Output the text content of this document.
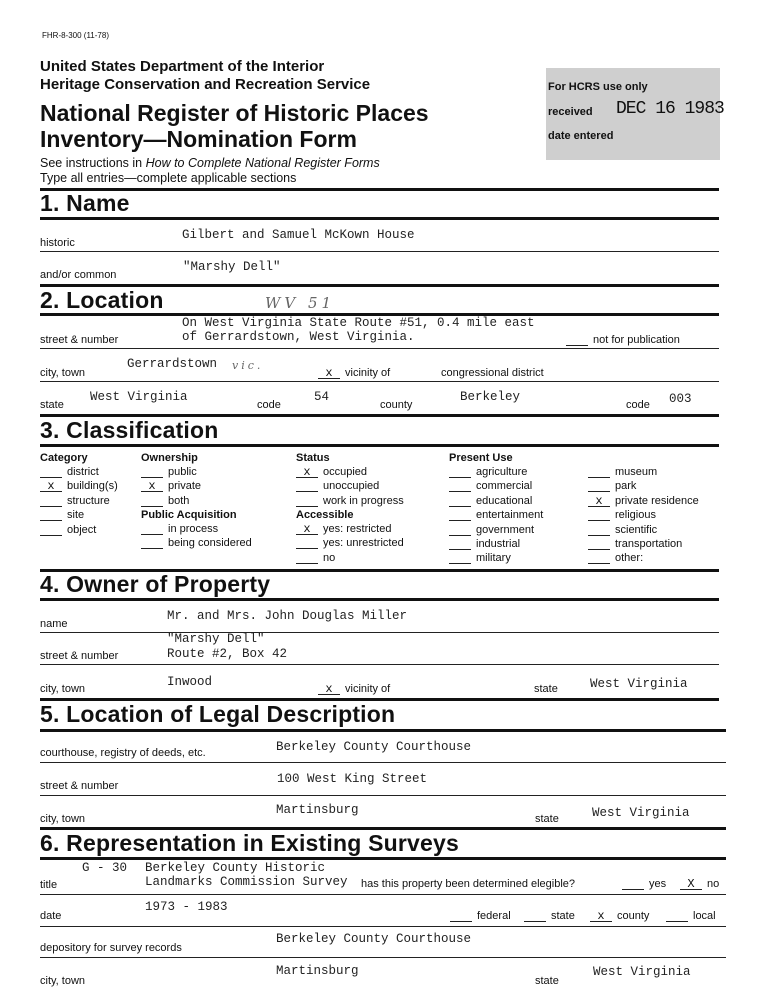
FHR-8-300 (11-78)
United States Department of the Interior
Heritage Conservation and Recreation Service
National Register of Historic Places
Inventory—Nomination Form
See instructions in How to Complete National Register Forms
Type all entries—complete applicable sections
For HCRS use only
received DEC 16 1983
date entered
1. Name
historic
Gilbert and Samuel McKown House
and/or common
"Marshy Dell"
2. Location	WV 51
street & number
On West Virginia State Route #51, 0.4 mile east
of Gerrardstown, West Virginia.	not for publication
city, town
Gerrardstown vic.
x vicinity of	congressional district
state
West Virginia
code
54
county
Berkeley
code 003
3. Classification
Category
district
x building(s)
structure
site
object
Ownership
public
x private
both
Public Acquisition
in process
being considered
Status
x occupied
unoccupied
work in progress
Accessible
x yes: restricted
yes: unrestricted
no
Present Use
agriculture
commercial
educational
entertainment
government
industrial
military
museum
park
x private residence
religious
scientific
transportation
other:
4. Owner of Property
name
Mr. and Mrs. John Douglas Miller
street & number
"Marshy Dell"
Route #2, Box 42
city, town	Inwood	x vicinity of	state	West Virginia
5. Location of Legal Description
courthouse, registry of deeds, etc.	Berkeley County Courthouse
street & number	100 West King Street
city, town
Martinsburg
state	West Virginia
6. Representation in Existing Surveys
title
G - 30 Berkeley County Historic
Landmarks Commission Survey has this property been determined elegible?	yes	X no
date
1973 - 1983
federal	state	x county	local
depository for survey records
Berkeley County Courthouse
city, town
Martinsburg
state
West Virginia
